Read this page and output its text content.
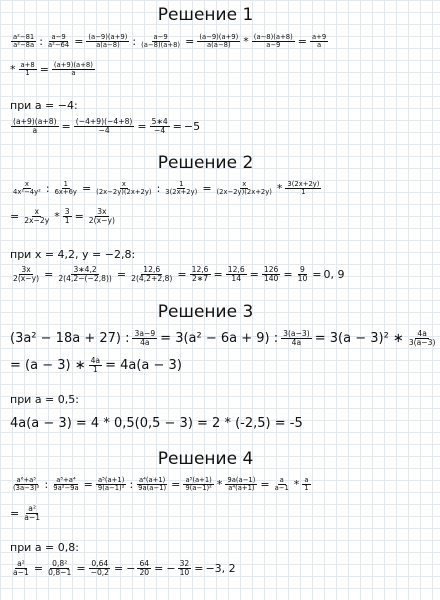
Решение 1
$\frac{\text{a²−81}}{\text{a²−8a}}$ : $\frac{a-9}{\text{a²−64}} = \frac{(a-9)(a+9)}{a(a-8)}$ : $\frac{a-9}{(a-8)(a+8)} = \frac{(a-9)(a+9)}{a(a-8)} * \frac{(a-8)(a+8)}{a-9} = \frac{a+9}{a}$
* $\frac{a+8}{1} = \frac{(a+9)(a+8)}{a}$
при a = −4:
$\frac{(a+9)(a+8)}{a} = \frac{(-4+9)(-4+8)}{-4} = \frac{5∗4}{-4} = -5$
Решение 2
$\frac{x}{\text{4x²−4y²}}$ : $\frac{1}{6x+6y} = \frac{x}{(2x-2y)(2x+2y)}$ : $\frac{1}{3(2x+2y)} = \frac{x}{(2x-2y)(2x+2y)} * \frac{3(2x+2y)}{1}$
= $\frac{x}{2x-2y} * \frac{3}{1} = \frac{3x}{2(x-y)}$
при x = 4,2, y = −2,8:
$\frac{3x}{2(x-y)} = \frac{3∗4,2}{2(4,2-(-2,8))} = \frac{12,6}{2(4,2+2,8)} = \frac{12,6}{2∗7} = \frac{12,6}{14} = \frac{126}{140} = \frac{9}{10} = 0$, 9
Решение 3
(3a² − 18a + 27) : $\frac{3a-9}{4a} = 3(a^2 - 6a + 9)$ : $\frac{3(a-3)}{4a} = 3(a - 3)^2$ ∗ $\frac{4a}{3(a-3)}$
= (a − 3) ∗ $\frac{4a}{1} = 4a(a - 3)$
при a = 0,5:
4a(a − 3) = 4 * 0,5(0,5 − 3) = 2 * (-2,5) = -5
Решение 4
$\frac{\text{a⁶+a⁵}}{\text{(3a−3)²}}$ : $\frac{\text{a⁵+a⁴}}{\text{9a²−9a}} = \frac{\text{a⁵(a+1)}}{\text{9(a−1)²}}$ : $\frac{\text{a⁴(a+1)}}{9a(a-1)} = \frac{\text{a⁵(a+1)}}{\text{9(a−1)²}} * \frac{9a(a-1)}{\text{a⁴(a+1)}} = \frac{a}{a-1} * \frac{a}{1}$
= $\frac{\text{a²}}{a-1}$
при a = 0,8:
$\frac{\text{a²}}{a-1} = \frac{\text{0,8²}}{0,8-1} = \frac{0,64}{-0,2}$ = − $\frac{64}{20}$ = − $\frac{32}{10} = -3$, 2
